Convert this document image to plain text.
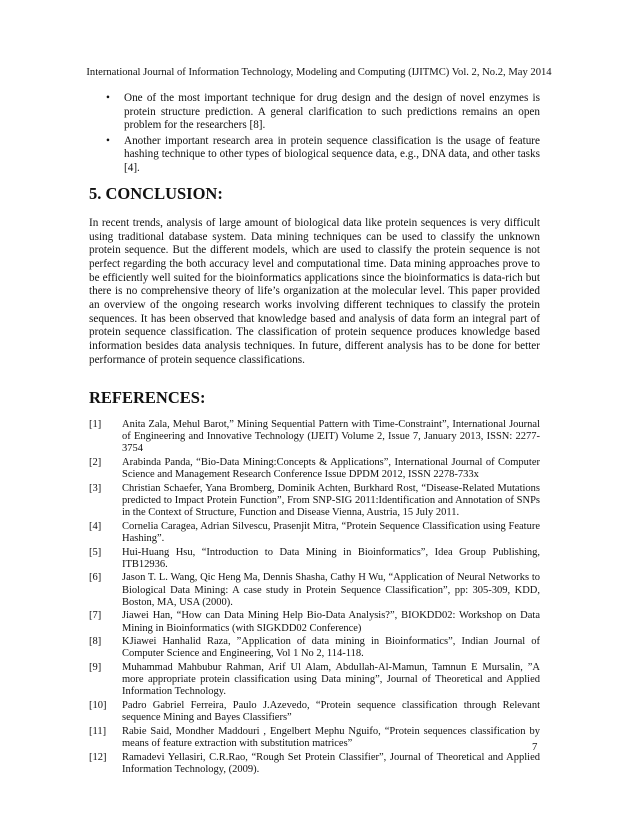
International Journal of Information Technology, Modeling and Computing (IJITMC) Vol. 2, No.2, May 2014
• One of the most important technique for drug design and the design of novel enzymes is protein structure prediction. A general clarification to such predictions remains an open problem for the researchers [8].
• Another important research area in protein sequence classification is the usage of feature hashing technique to other types of biological sequence data, e.g., DNA data, and other tasks [4].
5. CONCLUSION:

In recent trends, analysis of large amount of biological data like protein sequences is very difficult using traditional database system. Data mining techniques can be used to classify the unknown protein sequence. But the different models, which are used to classify the protein sequence is not perfect regarding the both accuracy level and computational time. Data mining approaches prove to be efficiently well suited for the bioinformatics applications since the bioinformatics is data-rich but there is no comprehensive theory of life’s organization at the molecular level. This paper provided an overview of the ongoing research works involving different techniques to classify the protein sequences. It has been observed that knowledge based and analysis of data form an integral part of protein sequence classification. The classification of protein sequence produces knowledge based information besides data analysis techniques. In future, different analysis has to be done for better performance of protein sequence classifications.

REFERENCES:
[1] Anita Zala, Mehul Barot,” Mining Sequential Pattern with Time-Constraint”, International Journal of Engineering and Innovative Technology (IJEIT) Volume 2, Issue 7, January 2013, ISSN: 2277-3754
[2] Arabinda Panda, “Bio-Data Mining:Concepts & Applications”, International Journal of Computer Science and Management Research Conference Issue DPDM 2012, ISSN 2278-733x
[3] Christian Schaefer, Yana Bromberg, Dominik Achten, Burkhard Rost, “Disease-Related Mutations predicted to Impact Protein Function”, From SNP-SIG 2011:Identification and Annotation of SNPs in the Context of Structure, Function and Disease Vienna, Austria, 15 July 2011.
[4] Cornelia Caragea, Adrian Silvescu, Prasenjit Mitra, “Protein Sequence Classification using Feature Hashing”.
[5] Hui-Huang Hsu, “Introduction to Data Mining in Bioinformatics”, Idea Group Publishing, ITB12936.
[6] Jason T. L. Wang, Qic Heng Ma, Dennis Shasha, Cathy H Wu, “Application of Neural Networks to Biological Data Mining: A case study in Protein Sequence Classification”, pp: 305-309, KDD, Boston, MA, USA (2000).
[7] Jiawei Han, “How can Data Mining Help Bio-Data Analysis?”, BIOKDD02: Workshop on Data Mining in Bioinformatics (with SIGKDD02 Conference)
[8] KJiawei Hanhalid Raza, ”Application of data mining in Bioinformatics”, Indian Journal of Computer Science and Engineering, Vol 1 No 2, 114-118.
[9] Muhammad Mahbubur Rahman, Arif Ul Alam, Abdullah-Al-Mamun, Tamnun E Mursalin, ”A more appropriate protein classification using Data mining”, Journal of Theoretical and Applied Information Technology.
[10] Padro Gabriel Ferreira, Paulo J.Azevedo, “Protein sequence classification through Relevant sequence Mining and Bayes Classifiers”
[11] Rabie Said, Mondher Maddouri , Engelbert Mephu Nguifo, “Protein sequences classification by means of feature extraction with substitution matrices”
[12] Ramadevi Yellasiri, C.R.Rao, “Rough Set Protein Classifier”, Journal of Theoretical and Applied Information Technology, (2009).
7
